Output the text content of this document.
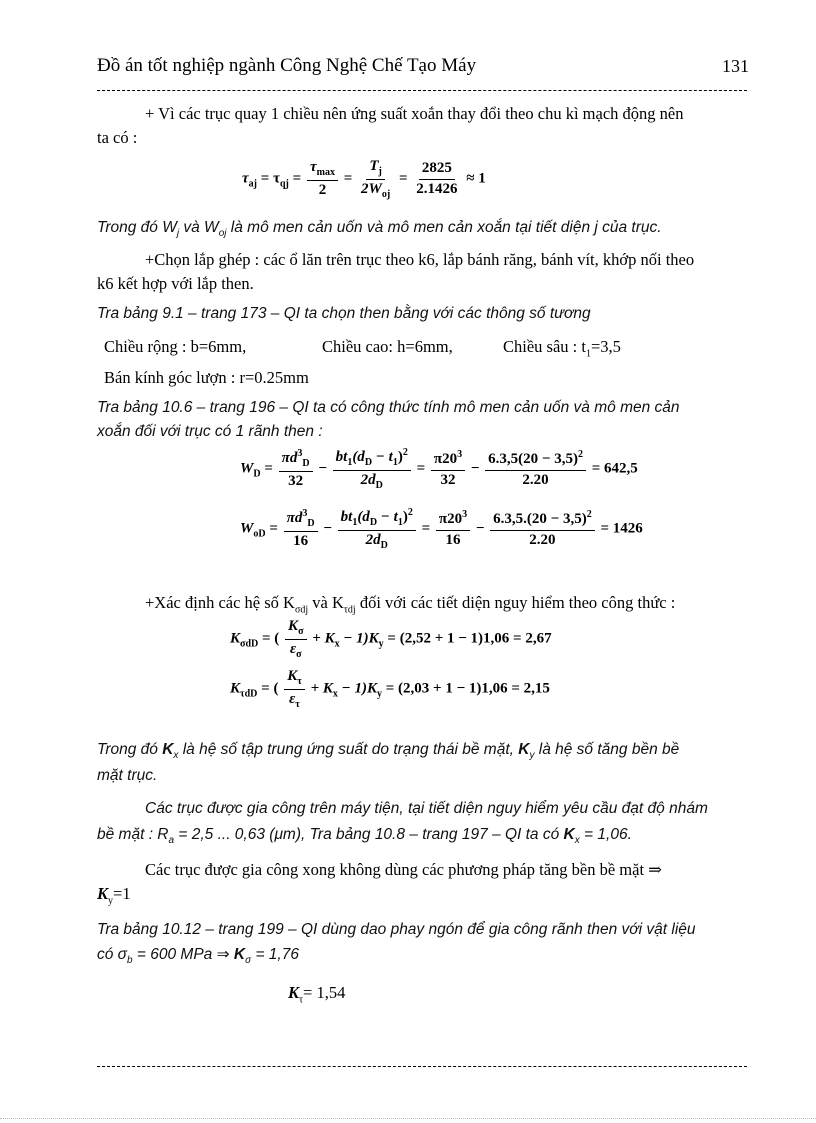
Đồ án tốt nghiệp ngành Công Nghệ Chế Tạo Máy	131
+ Vì các trục quay 1 chiều nên ứng suất xoắn thay đổi theo chu kì mạch động nên
ta có :
$\tau_{aj} = \tau_{qj} = \frac{\tau_{max}}{2} = \frac{T_j}{2W_{oj}} = \frac{2825}{2.1426} \approx 1$
Trong đó $W_j$ và $W_{oj}$ là mô men cản uốn và mô men cản xoắn tại tiết diện j của trục.
+Chọn lắp ghép : các ổ lăn trên trục theo k6, lắp bánh răng, bánh vít, khớp nối theo
k6 kết hợp với lắp then.
Tra bảng 9.1 – trang 173 – QI ta chọn then bằng với các thông số tương
Chiều rộng : b=6mm,	Chiều cao: h=6mm,	Chiều sâu : $t_1=3,5$
Bán kính góc lượn : r=0.25mm
Tra bảng 10.6 – trang 196 – QI ta có công thức tính mô men cản uốn và mô men cản
xoắn đối với trục có 1 rãnh then :
$W_D = \frac{\pi d^3_D}{32} - \frac{bt_1(d_D - t_1)^2}{2d_D} = \frac{\pi 20^3}{32} - \frac{6.3,5(20 - 3,5)^2}{2.20} = 642,5$
$W_{oD} = \frac{\pi d^3_D}{16} - \frac{bt_1(d_D - t_1)^2}{2d_D} = \frac{\pi 20^3}{16} - \frac{6.3,5.(20 - 3,5)^2}{2.20} = 1426$
+Xác định các hệ số $K_{\sigma dj}$ và $K_{\tau dj}$ đối với các tiết diện nguy hiểm theo công thức :
$K_{\sigma dD}$ = ( $\frac{K_\sigma}{\varepsilon_\sigma} + K_x - 1)K_y = (2,52 + 1 - 1)1,06 = 2,67$
$K_{\tau dD}$ = ( $\frac{K_\tau}{\varepsilon_\tau} + K_x - 1)K_y = (2,03 + 1 - 1)1,06 = 2,15$
Trong đó $K_x$ là hệ số tập trung ứng suất do trạng thái bề mặt, $K_y$ là hệ số tăng bền bề
mặt trục.
Các trục được gia công trên máy tiện, tại tiết diện nguy hiểm yêu cầu đạt độ nhám
bề mặt : $R_a = 2,5$ ... 0,63 (μm), Tra bảng 10.8 – trang 197 – QI ta có $K_x = 1,06$.
Các trục được gia công xong không dùng các phương pháp tăng bền bề mặt ⇒
$K_y=1$
Tra bảng 10.12 – trang 199 – QI dùng dao phay ngón để gia công rãnh then với vật liệu
có $\sigma_b = 600$ MPa ⇒ $K_\sigma = 1,76$
$K_\tau= 1,54$
